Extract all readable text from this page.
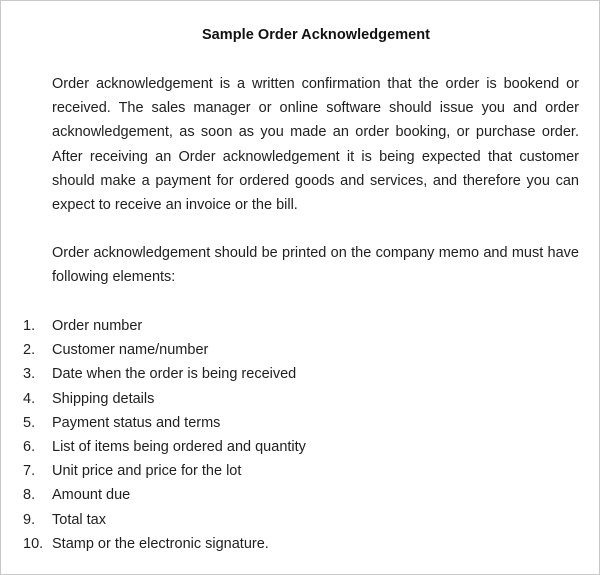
Sample Order Acknowledgement

Order acknowledgement is a written confirmation that the order is bookend or received. The sales manager or online software should issue you and order acknowledgement, as soon as you made an order booking, or purchase order. After receiving an Order acknowledgement it is being expected that customer should make a payment for ordered goods and services, and therefore you can expect to receive an invoice or the bill.

Order acknowledgement should be printed on the company memo and must have following elements:

1.	Order number
2.	Customer name/number
3.	Date when the order is being received
4.	Shipping details
5.	Payment status and terms
6.	List of items being ordered and quantity
7.	Unit price and price for the lot
8.	Amount due
9.	Total tax
10. Stamp or the electronic signature.
